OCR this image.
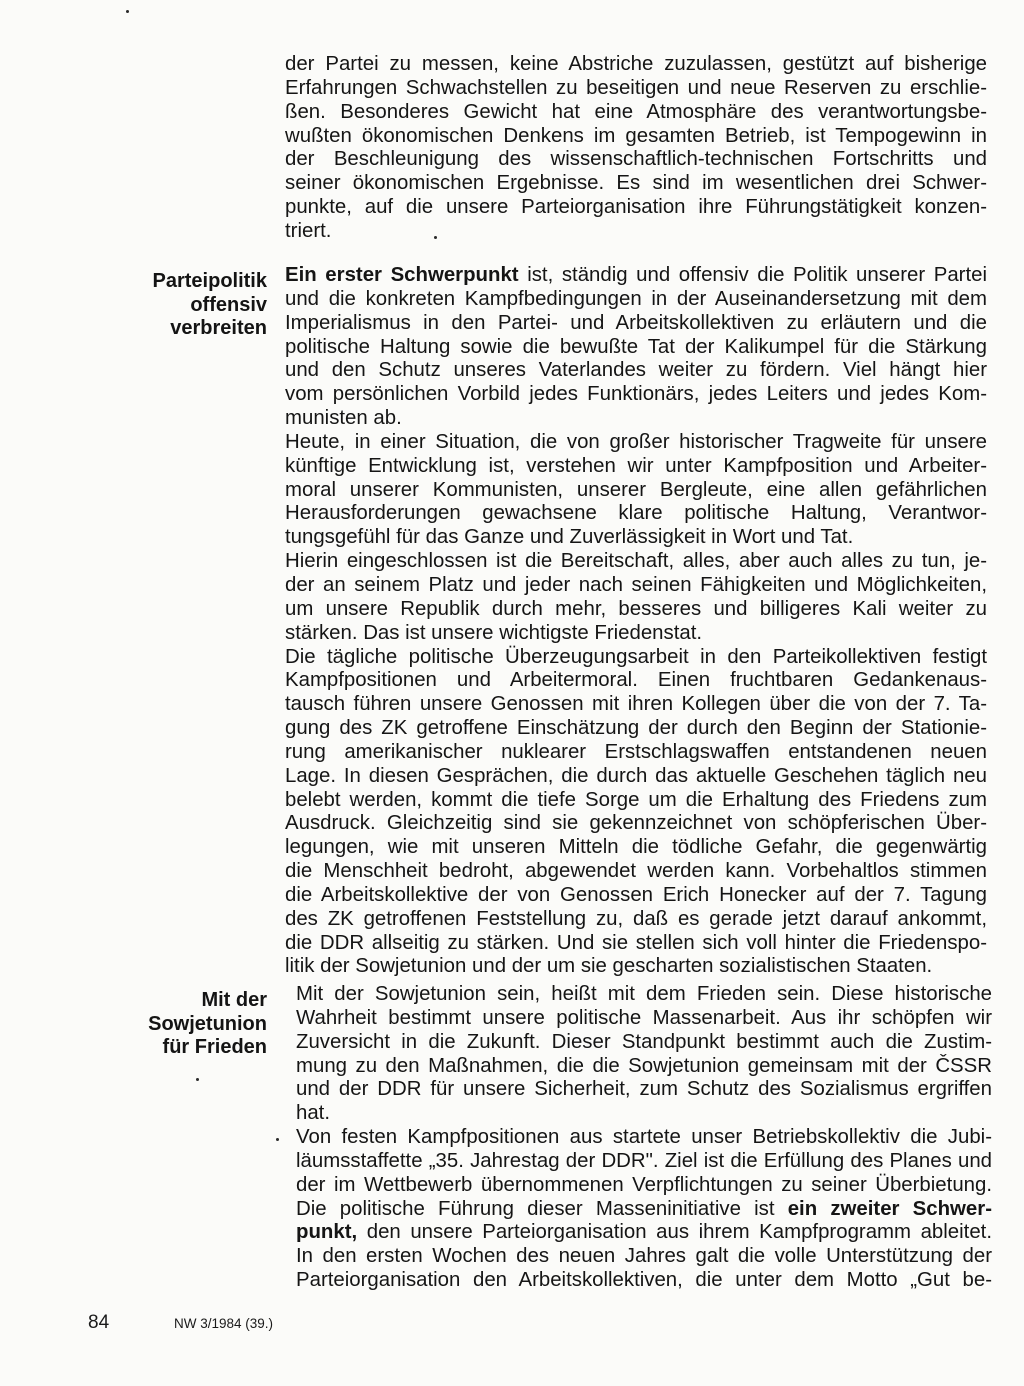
der Partei zu messen, keine Abstriche zuzulassen, gestützt auf bisherige
Erfahrungen Schwachstellen zu beseitigen und neue Reserven zu erschlie-
ßen. Besonderes Gewicht hat eine Atmosphäre des verantwortungsbe-
wußten ökonomischen Denkens im gesamten Betrieb, ist Tempogewinn in
der Beschleunigung des wissenschaftlich-technischen Fortschritts und
seiner ökonomischen Ergebnisse. Es sind im wesentlichen drei Schwer-
punkte, auf die unsere Parteiorganisation ihre Führungstätigkeit konzen-
triert.
Parteipolitik
offensiv
verbreiten
Ein erster Schwerpunkt ist, ständig und offensiv die Politik unserer Partei
und die konkreten Kampfbedingungen in der Auseinandersetzung mit dem
Imperialismus in den Partei- und Arbeitskollektiven zu erläutern und die
politische Haltung sowie die bewußte Tat der Kalikumpel für die Stärkung
und den Schutz unseres Vaterlandes weiter zu fördern. Viel hängt hier
vom persönlichen Vorbild jedes Funktionärs, jedes Leiters und jedes Kom-
munisten ab.
Heute, in einer Situation, die von großer historischer Tragweite für unsere
künftige Entwicklung ist, verstehen wir unter Kampfposition und Arbeiter-
moral unserer Kommunisten, unserer Bergleute, eine allen gefährlichen
Herausforderungen gewachsene klare politische Haltung, Verantwor-
tungsgefühl für das Ganze und Zuverlässigkeit in Wort und Tat.
Hierin eingeschlossen ist die Bereitschaft, alles, aber auch alles zu tun, je-
der an seinem Platz und jeder nach seinen Fähigkeiten und Möglichkeiten,
um unsere Republik durch mehr, besseres und billigeres Kali weiter zu
stärken. Das ist unsere wichtigste Friedenstat.
Die tägliche politische Überzeugungsarbeit in den Parteikollektiven festigt
Kampfpositionen und Arbeitermoral. Einen fruchtbaren Gedankenaus-
tausch führen unsere Genossen mit ihren Kollegen über die von der 7. Ta-
gung des ZK getroffene Einschätzung der durch den Beginn der Stationie-
rung amerikanischer nuklearer Erstschlagswaffen entstandenen neuen
Lage. In diesen Gesprächen, die durch das aktuelle Geschehen täglich neu
belebt werden, kommt die tiefe Sorge um die Erhaltung des Friedens zum
Ausdruck. Gleichzeitig sind sie gekennzeichnet von schöpferischen Über-
legungen, wie mit unseren Mitteln die tödliche Gefahr, die gegenwärtig
die Menschheit bedroht, abgewendet werden kann. Vorbehaltlos stimmen
die Arbeitskollektive der von Genossen Erich Honecker auf der 7. Tagung
des ZK getroffenen Feststellung zu, daß es gerade jetzt darauf ankommt,
die DDR allseitig zu stärken. Und sie stellen sich voll hinter die Friedenspo-
litik der Sowjetunion und der um sie gescharten sozialistischen Staaten.
Mit der
Sowjetunion
für Frieden
Mit der Sowjetunion sein, heißt mit dem Frieden sein. Diese historische
Wahrheit bestimmt unsere politische Massenarbeit. Aus ihr schöpfen wir
Zuversicht in die Zukunft. Dieser Standpunkt bestimmt auch die Zustim-
mung zu den Maßnahmen, die die Sowjetunion gemeinsam mit der ČSSR
und der DDR für unsere Sicherheit, zum Schutz des Sozialismus ergriffen
hat.
Von festen Kampfpositionen aus startete unser Betriebskollektiv die Jubi-
läumsstaffette „35. Jahrestag der DDR". Ziel ist die Erfüllung des Planes und
der im Wettbewerb übernommenen Verpflichtungen zu seiner Überbietung.
Die politische Führung dieser Masseninitiative ist ein zweiter Schwer-
punkt, den unsere Parteiorganisation aus ihrem Kampfprogramm ableitet.
In den ersten Wochen des neuen Jahres galt die volle Unterstützung der
Parteiorganisation den Arbeitskollektiven, die unter dem Motto „Gut be-
84	NW 3/1984 (39.)
